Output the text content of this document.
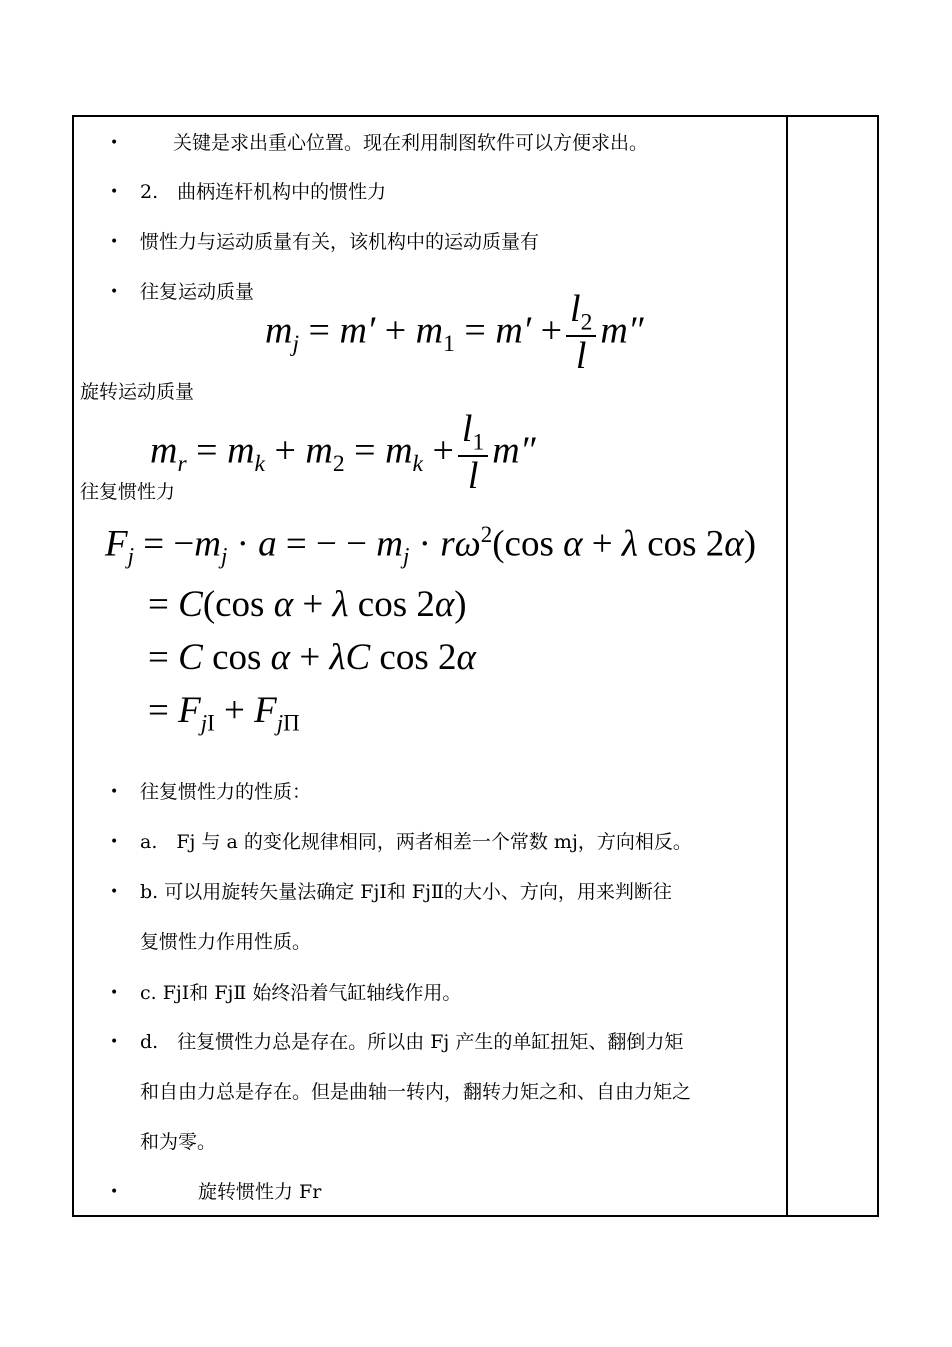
•
•
•
•
•
•
•
•
•
•
关键是求出重心位置。现在利用制图软件可以方便求出。
2.　曲柄连杆机构中的惯性力
惯性力与运动质量有关，该机构中的运动质量有
往复运动质量
旋转运动质量
往复惯性力
往复惯性力的性质：
a.　Fj 与 a 的变化规律相同，两者相差一个常数 mj，方向相反。
b. 可以用旋转矢量法确定 FjⅠ和 FjⅡ的大小、方向，用来判断往
复惯性力作用性质。
c. FjⅠ和 FjⅡ 始终沿着气缸轴线作用。
d.　往复惯性力总是存在。所以由 Fj 产生的单缸扭矩、翻倒力矩
和自由力总是存在。但是曲轴一转内，翻转力矩之和、自由力矩之
和为零。
旋转惯性力 Fr
$m_j = m' + m_1 = m' + \frac{l_2}{l} m''$
$m_r = m_k + m_2 = m_k + \frac{l_1}{l} m''$
$F_j = -m_j \cdot a$ = − − $m_j \cdot r\omega^2(\cos$ α + λ cos 2α)
= C(cos α + λ cos 2α)
= C cos α + λC cos 2α
= $F_{jI} + F_{j\Pi}$
